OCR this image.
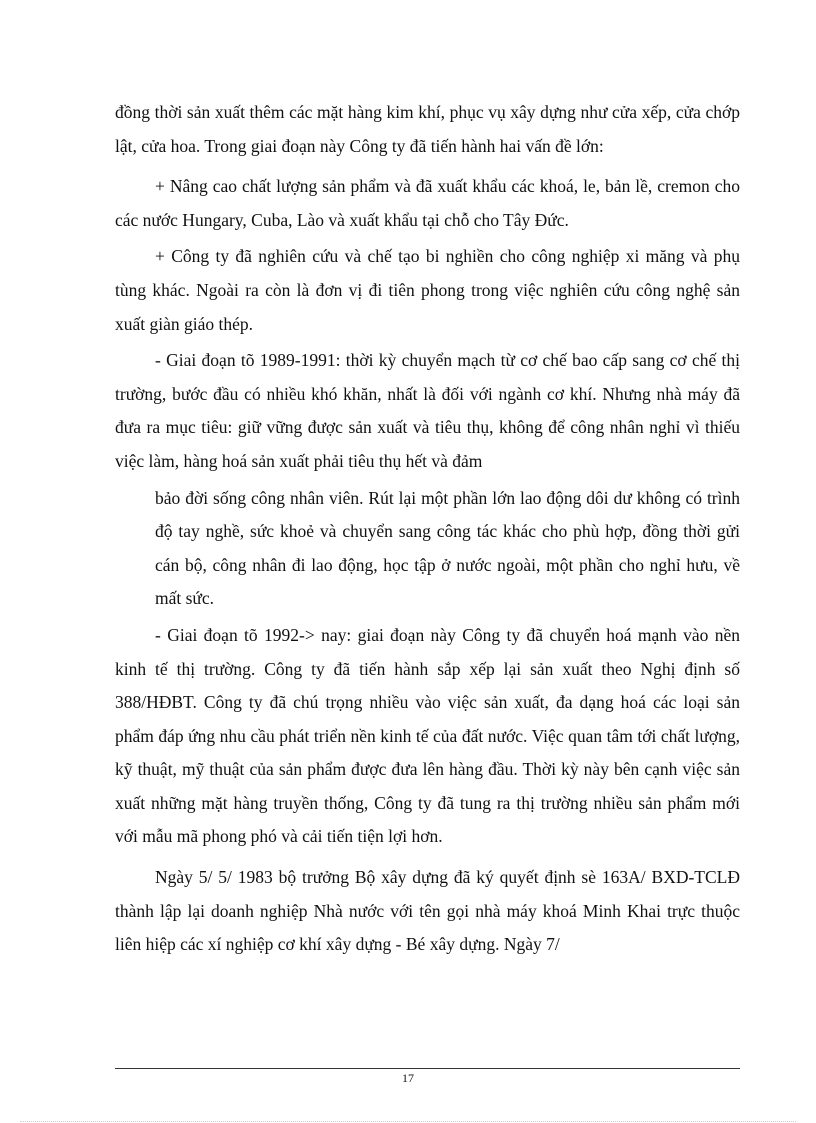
đồng thời sản xuất thêm các mặt hàng kim khí, phục vụ xây dựng như cửa xếp, cửa chớp lật, cửa hoa. Trong giai đoạn này Công ty đã tiến hành hai vấn đề lớn:

+ Nâng cao chất lượng sản phẩm và đã xuất khẩu các khoá, le, bản lề, cremon cho các nước Hungary, Cuba, Lào và xuất khẩu tại chỗ cho Tây Đức.

+ Công ty đã nghiên cứu và chế tạo bi nghiền cho công nghiệp xi măng và phụ tùng khác. Ngoài ra còn là đơn vị đi tiên phong trong việc nghiên cứu công nghệ sản xuất giàn giáo thép.

- Giai đoạn tõ 1989-1991: thời kỳ chuyển mạch từ cơ chế bao cấp sang cơ chế thị trường, bước đầu có nhiều khó khăn, nhất là đối với ngành cơ khí. Nhưng nhà máy đã đưa ra mục tiêu: giữ vững được sản xuất và tiêu thụ, không để công nhân nghỉ vì thiếu việc làm, hàng hoá sản xuất phải tiêu thụ hết và đảm

bảo đời sống công nhân viên. Rút lại một phần lớn lao động dôi dư không có trình độ tay nghề, sức khoẻ và chuyển sang công tác khác cho phù hợp, đồng thời gửi cán bộ, công nhân đi lao động, học tập ở nước ngoài, một phần cho nghỉ hưu, về mất sức.

- Giai đoạn tõ 1992-> nay: giai đoạn này Công ty đã chuyển hoá mạnh vào nền kinh tế thị trường. Công ty đã tiến hành sắp xếp lại sản xuất theo Nghị định số 388/HĐBT. Công ty đã chú trọng nhiều vào việc sản xuất, đa dạng hoá các loại sản phẩm đáp ứng nhu cầu phát triển nền kinh tế của đất nước. Việc quan tâm tới chất lượng, kỹ thuật, mỹ thuật của sản phẩm được đưa lên hàng đầu. Thời kỳ này bên cạnh việc sản xuất những mặt hàng truyền thống, Công ty đã tung ra thị trường nhiều sản phẩm mới với mẫu mã phong phó và cải tiến tiện lợi hơn.

Ngày 5/ 5/ 1983 bộ trưởng Bộ xây dựng đã ký quyết định sè 163A/ BXD-TCLĐ thành lập lại doanh nghiệp Nhà nước với tên gọi nhà máy khoá Minh Khai trực thuộc liên hiệp các xí nghiệp cơ khí xây dựng - Bé xây dựng. Ngày 7/

17
